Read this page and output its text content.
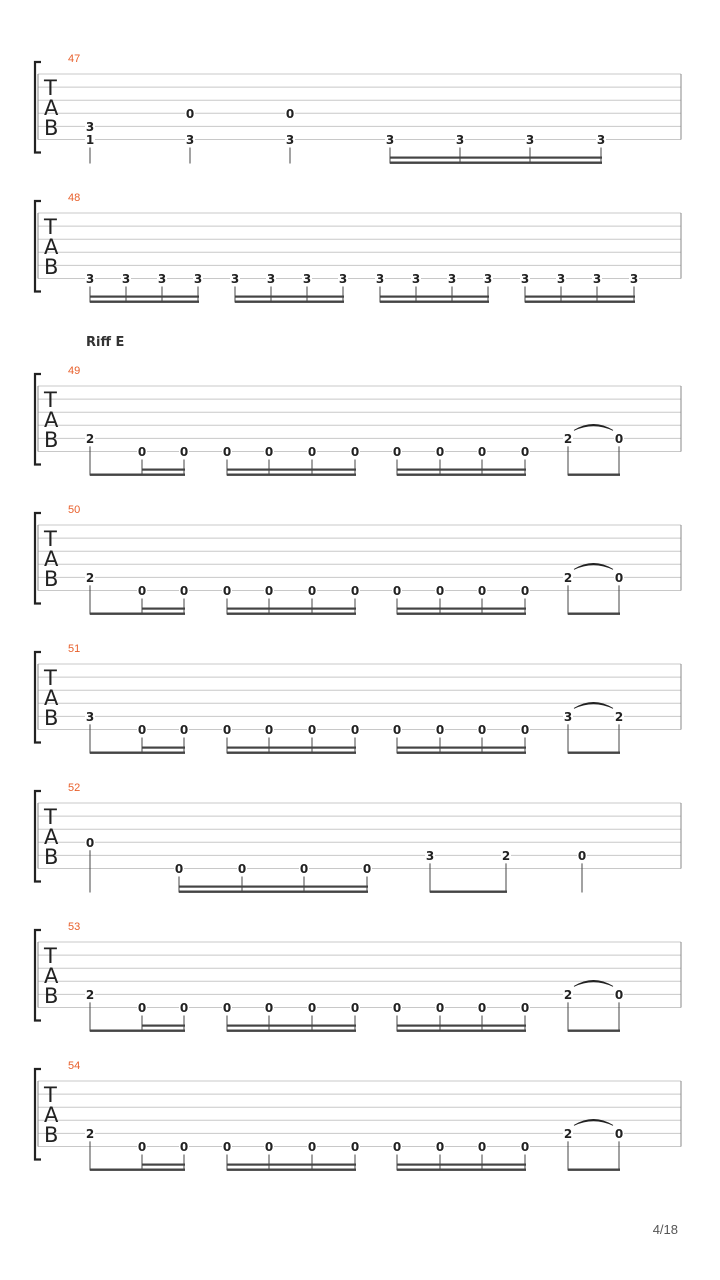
Riff E
T
A
B
47
3
1
0
3
0
3	3	3	3	3
T
A
B
48
3 3 3 3 3 3 3 3 3 3 3 3 3 3 3 3
T
A
B
49
2
0	0	0	0	0	0	0	0	0	0
2	0
T
A
B
50
2
0	0	0	0	0	0	0	0	0	0
2	0
T
A
B
51
3
0	0	0	0	0	0	0	0	0	0
3	2
T
A
B
52
0
0	0	0	0
3	2	0
T
A
B
53
2
0	0	0	0	0	0	0	0	0	0
2	0
T
A
B
54
2
0	0	0	0	0	0	0	0	0	0
2	0
4/18
